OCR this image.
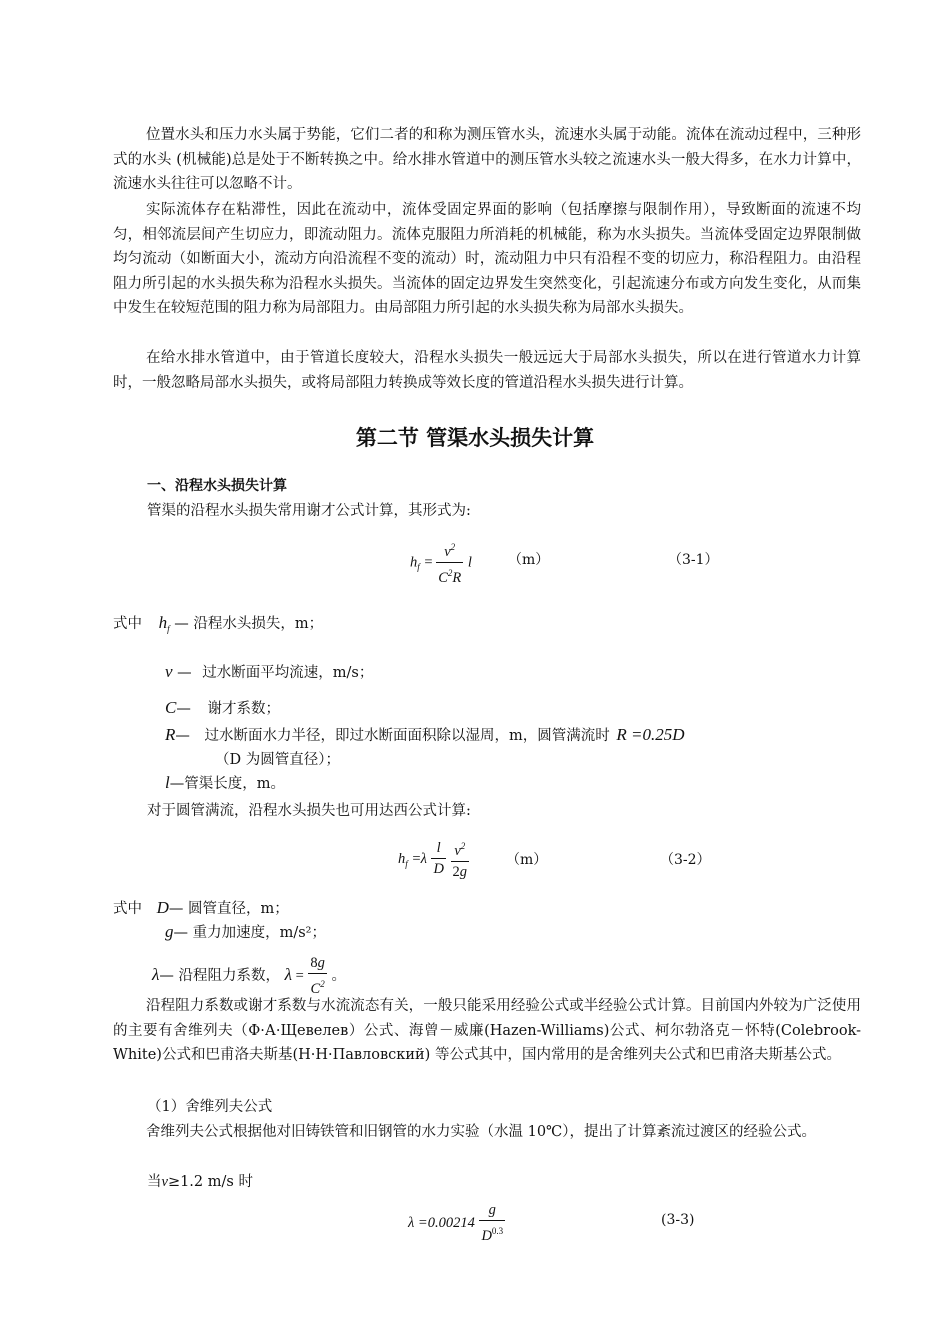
位置水头和压力水头属于势能，它们二者的和称为测压管水头，流速水头属于动能。流体在流动过程中，三种形式的水头 (机械能)总是处于不断转换之中。给水排水管道中的测压管水头较之流速水头一般大得多，在水力计算中，流速水头往往可以忽略不计。

实际流体存在粘滞性，因此在流动中，流体受固定界面的影响（包括摩擦与限制作用），导致断面的流速不均匀，相邻流层间产生切应力，即流动阻力。流体克服阻力所消耗的机械能，称为水头损失。当流体受固定边界限制做均匀流动（如断面大小，流动方向沿流程不变的流动）时，流动阻力中只有沿程不变的切应力，称沿程阻力。由沿程阻力所引起的水头损失称为沿程水头损失。当流体的固定边界发生突然变化，引起流速分布或方向发生变化，从而集中发生在较短范围的阻力称为局部阻力。由局部阻力所引起的水头损失称为局部水头损失。

在给水排水管道中，由于管道长度较大，沿程水头损失一般远远大于局部水头损失，所以在进行管道水力计算时，一般忽略局部水头损失，或将局部阻力转换成等效长度的管道沿程水头损失进行计算。

第二节 管渠水头损失计算
一、沿程水头损失计算
管渠的沿程水头损失常用谢才公式计算，其形式为:
$h_f = \frac{v^2}{C^2R}$ l	（m）	（3-1）
式中 $h_f$ — 沿程水头损失，m；
v — 过水断面平均流速，m/s；
C— 谢才系数；
R— 过水断面水力半径，即过水断面面积除以湿周，m，圆管满流时 R =0.25D
（D 为圆管直径）；
l—管渠长度，m。
对于圆管满流，沿程水头损失也可用达西公式计算:
$h_f =\lambda \frac{l}{D}$
$\frac{v^2}{2g}$	（m）	（3-2）
式中 D— 圆管直径，m；
g— 重力加速度，m/s²；
λ— 沿程阻力系数， $\lambda = \frac{8g}{C^2}$ 。

沿程阻力系数或谢才系数与水流流态有关，一般只能采用经验公式或半经验公式计算。目前国内外较为广泛使用的主要有舍维列夫（Ф·А·Щевелев）公式、海曾－威廉(Hazen-Williams)公式、柯尔勃洛克－怀特(Colebrook-White)公式和巴甫洛夫斯基(Н·Н·Павловский) 等公式其中，国内常用的是舍维列夫公式和巴甫洛夫斯基公式。

（1）舍维列夫公式

舍维列夫公式根据他对旧铸铁管和旧钢管的水力实验（水温 10℃），提出了计算紊流过渡区的经验公式。

当v≥1.2 m/s 时
$\lambda =0.00214 \frac{g}{D^{0.3}}$	(3-3)
